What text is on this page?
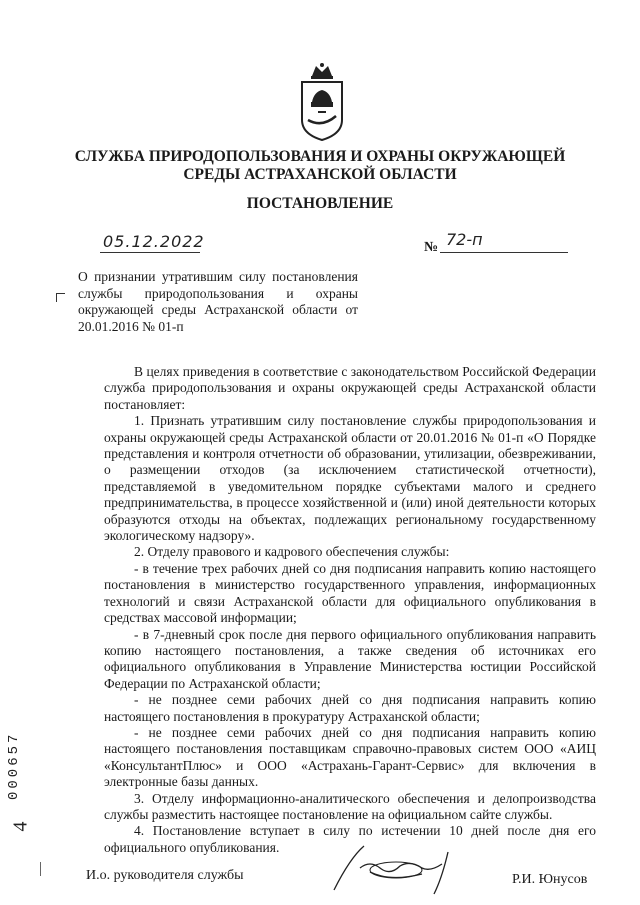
СЛУЖБА ПРИРОДОПОЛЬЗОВАНИЯ И ОХРАНЫ ОКРУЖАЮЩЕЙ СРЕДЫ АСТРАХАНСКОЙ ОБЛАСТИ
ПОСТАНОВЛЕНИЕ
05.12.2022	№ 72-п
О признании утратившим силу постановления службы природопользования и охраны окружающей среды Астраханской области от 20.01.2016 № 01-п

В целях приведения в соответствие с законодательством Российской Федерации служба природопользования и охраны окружающей среды Астраханской области постановляет:

1. Признать утратившим силу постановление службы природопользования и охраны окружающей среды Астраханской области от 20.01.2016 № 01-п «О Порядке представления и контроля отчетности об образовании, утилизации, обезвреживании, о размещении отходов (за исключением статистической отчетности), представляемой в уведомительном порядке субъектами малого и среднего предпринимательства, в процессе хозяйственной и (или) иной деятельности которых образуются отходы на объектах, подлежащих региональному государственному экологическому надзору».

2. Отделу правового и кадрового обеспечения службы:

- в течение трех рабочих дней со дня подписания направить копию настоящего постановления в министерство государственного управления, информационных технологий и связи Астраханской области для официального опубликования в средствах массовой информации;

- в 7-дневный срок после дня первого официального опубликования направить копию настоящего постановления, а также сведения об источниках его официального опубликования в Управление Министерства юстиции Российской Федерации по Астраханской области;

- не позднее семи рабочих дней со дня подписания направить копию настоящего постановления в прокуратуру Астраханской области;

- не позднее семи рабочих дней со дня подписания направить копию настоящего постановления поставщикам справочно-правовых систем ООО «АИЦ «КонсультантПлюс» и ООО «Астрахань-Гарант-Сервис» для включения в электронные базы данных.

3. Отделу информационно-аналитического обеспечения и делопроизводства службы разместить настоящее постановление на официальном сайте службы.

4. Постановление вступает в силу по истечении 10 дней после дня его официального опубликования.

И.о. руководителя службы	Р.И. Юнусов
000657
4
